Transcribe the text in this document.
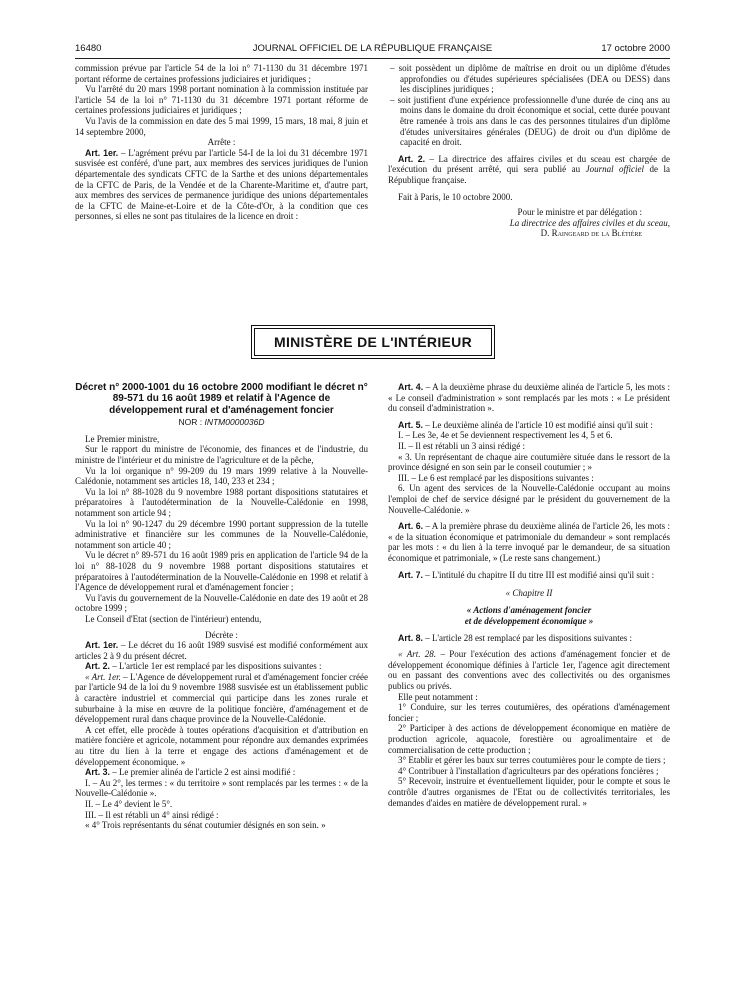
16480	JOURNAL OFFICIEL DE LA RÉPUBLIQUE FRANÇAISE	17 octobre 2000

commission prévue par l'article 54 de la loi n° 71-1130 du 31 décembre 1971 portant réforme de certaines professions judiciaires et juridiques ;

Vu l'arrêté du 20 mars 1998 portant nomination à la commission instituée par l'article 54 de la loi n° 71-1130 du 31 décembre 1971 portant réforme de certaines professions judiciaires et juridiques ;

Vu l'avis de la commission en date des 5 mai 1999, 15 mars, 18 mai, 8 juin et 14 septembre 2000,

Arrête :

Art. 1er. – L'agrément prévu par l'article 54-I de la loi du 31 décembre 1971 susvisée est conféré, d'une part, aux membres des services juridiques de l'union départementale des syndicats CFTC de la Sarthe et des unions départementales de la CFTC de Paris, de la Vendée et de la Charente-Maritime et, d'autre part, aux membres des services de permanence juridique des unions départementales de la CFTC de Maine-et-Loire et de la Côte-d'Or, à la condition que ces personnes, si elles ne sont pas titulaires de la licence en droit :

– soit possèdent un diplôme de maîtrise en droit ou un diplôme d'études approfondies ou d'études supérieures spécialisées (DEA ou DESS) dans les disciplines juridiques ;

– soit justifient d'une expérience professionnelle d'une durée de cinq ans au moins dans le domaine du droit économique et social, cette durée pouvant être ramenée à trois ans dans le cas des personnes titulaires d'un diplôme d'études universitaires générales (DEUG) de droit ou d'un diplôme de capacité en droit.

Art. 2. – La directrice des affaires civiles et du sceau est chargée de l'exécution du présent arrêté, qui sera publié au Journal officiel de la République française.

Fait à Paris, le 10 octobre 2000.

Pour le ministre et par délégation :

La directrice des affaires civiles et du sceau,

D. Raingeard de la Blétière

MINISTÈRE DE L'INTÉRIEUR
Décret n° 2000-1001 du 16 octobre 2000 modifiant le décret n° 89-571 du 16 août 1989 et relatif à l'Agence de développement rural et d'aménagement foncier
NOR : INTM0000036D

Le Premier ministre,

Sur le rapport du ministre de l'économie, des finances et de l'industrie, du ministre de l'intérieur et du ministre de l'agriculture et de la pêche,

Vu la loi organique n° 99-209 du 19 mars 1999 relative à la Nouvelle-Calédonie, notamment ses articles 18, 140, 233 et 234 ;

Vu la loi n° 88-1028 du 9 novembre 1988 portant dispositions statutaires et préparatoires à l'autodétermination de la Nouvelle-Calédonie en 1998, notamment son article 94 ;

Vu la loi n° 90-1247 du 29 décembre 1990 portant suppression de la tutelle administrative et financière sur les communes de la Nouvelle-Calédonie, notamment son article 40 ;

Vu le décret n° 89-571 du 16 août 1989 pris en application de l'article 94 de la loi n° 88-1028 du 9 novembre 1988 portant dispositions statutaires et préparatoires à l'autodétermination de la Nouvelle-Calédonie en 1998 et relatif à l'Agence de développement rural et d'aménagement foncier ;

Vu l'avis du gouvernement de la Nouvelle-Calédonie en date des 19 août et 28 octobre 1999 ;

Le Conseil d'Etat (section de l'intérieur) entendu,

Décrète :

Art. 1er. – Le décret du 16 août 1989 susvisé est modifié conformément aux articles 2 à 9 du présent décret.

Art. 2. – L'article 1er est remplacé par les dispositions suivantes :

« Art. 1er. – L'Agence de développement rural et d'aménagement foncier créée par l'article 94 de la loi du 9 novembre 1988 susvisée est un établissement public à caractère industriel et commercial qui participe dans les zones rurale et suburbaine à la mise en œuvre de la politique foncière, d'aménagement et de développement rural dans chaque province de la Nouvelle-Calédonie.

A cet effet, elle procède à toutes opérations d'acquisition et d'attribution en matière foncière et agricole, notamment pour répondre aux demandes exprimées au titre du lien à la terre et engage des actions d'aménagement et de développement économique. »

Art. 3. – Le premier alinéa de l'article 2 est ainsi modifié :

I. – Au 2°, les termes : « du territoire » sont remplacés par les termes : « de la Nouvelle-Calédonie ».

II. – Le 4° devient le 5°.

III. – Il est rétabli un 4° ainsi rédigé :

« 4° Trois représentants du sénat coutumier désignés en son sein. »

Art. 4. – A la deuxième phrase du deuxième alinéa de l'article 5, les mots : « Le conseil d'administration » sont remplacés par les mots : « Le président du conseil d'administration ».

Art. 5. – Le deuxième alinéa de l'article 10 est modifié ainsi qu'il suit :

I. – Les 3e, 4e et 5e deviennent respectivement les 4, 5 et 6.

II. – Il est rétabli un 3 ainsi rédigé :

« 3. Un représentant de chaque aire coutumière située dans le ressort de la province désigné en son sein par le conseil coutumier ; »

III. – Le 6 est remplacé par les dispositions suivantes :

6. Un agent des services de la Nouvelle-Calédonie occupant au moins l'emploi de chef de service désigné par le président du gouvernement de la Nouvelle-Calédonie. »

Art. 6. – A la première phrase du deuxième alinéa de l'article 26, les mots : « de la situation économique et patrimoniale du demandeur » sont remplacés par les mots : « du lien à la terre invoqué par le demandeur, de sa situation économique et patrimoniale, » (Le reste sans changement.)

Art. 7. – L'intitulé du chapitre II du titre III est modifié ainsi qu'il suit :

« Chapitre II
« Actions d'aménagement foncier
et de développement économique »

Art. 8. – L'article 28 est remplacé par les dispositions suivantes :

« Art. 28. – Pour l'exécution des actions d'aménagement foncier et de développement économique définies à l'article 1er, l'agence agit directement ou en passant des conventions avec des collectivités ou des organismes publics ou privés.

Elle peut notamment :

1° Conduire, sur les terres coutumières, des opérations d'aménagement foncier ;

2° Participer à des actions de développement économique en matière de production agricole, aquacole, forestière ou agroalimentaire et de commercialisation de cette production ;

3° Etablir et gérer les baux sur terres coutumières pour le compte de tiers ;

4° Contribuer à l'installation d'agriculteurs par des opérations foncières ;

5° Recevoir, instruire et éventuellement liquider, pour le compte et sous le contrôle d'autres organismes de l'Etat ou de collectivités territoriales, les demandes d'aides en matière de développement rural. »
